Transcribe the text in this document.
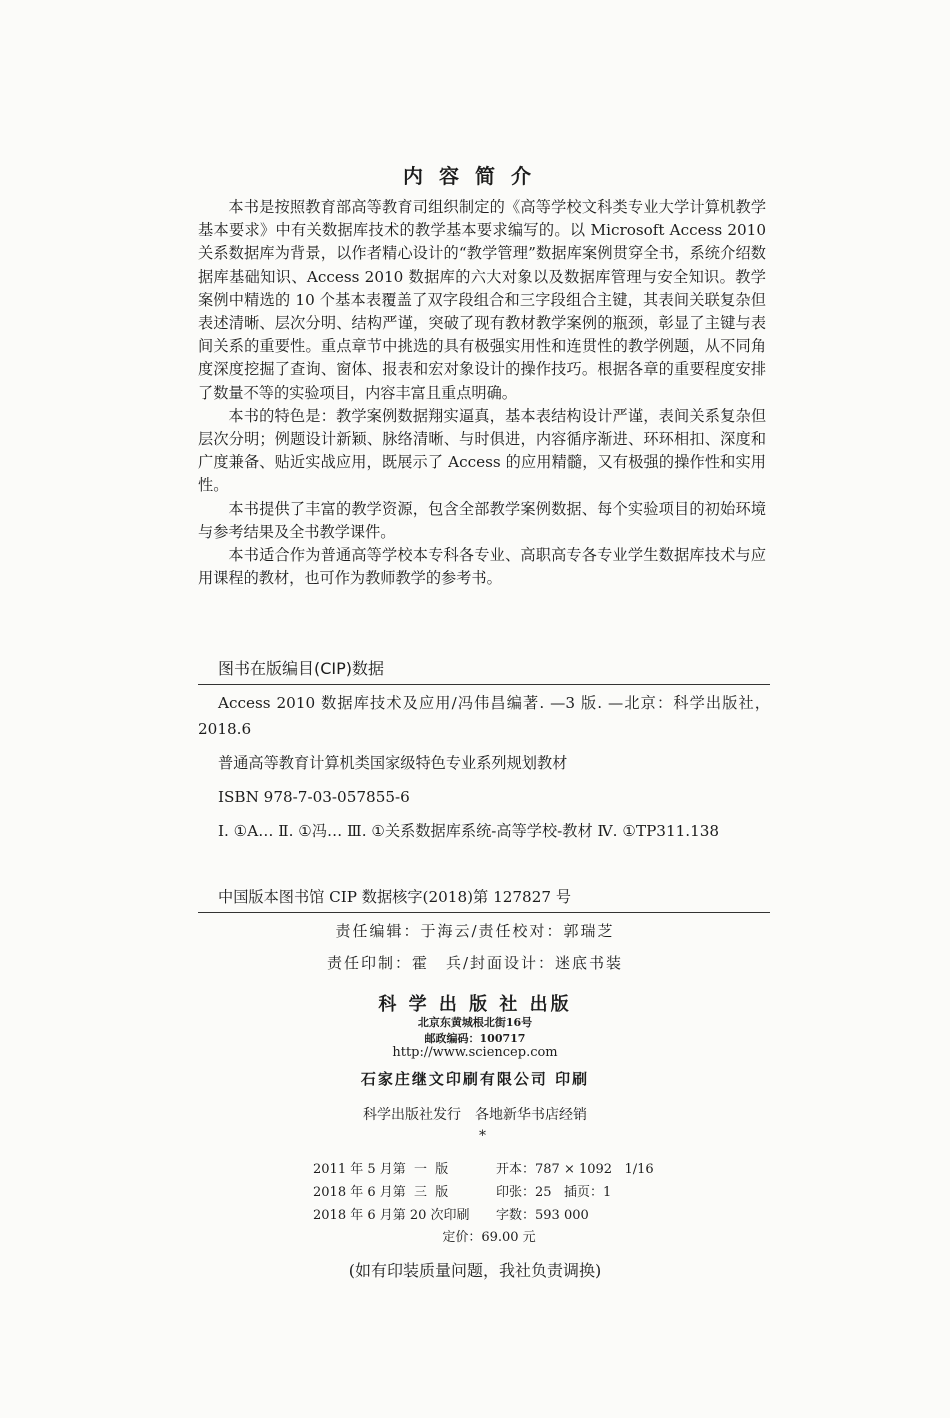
内容简介

本书是按照教育部高等教育司组织制定的《高等学校文科类专业大学计算机教学基本要求》中有关数据库技术的教学基本要求编写的。以 Microsoft Access 2010 关系数据库为背景，以作者精心设计的“教学管理”数据库案例贯穿全书，系统介绍数据库基础知识、Access 2010 数据库的六大对象以及数据库管理与安全知识。教学案例中精选的 10 个基本表覆盖了双字段组合和三字段组合主键，其表间关联复杂但表述清晰、层次分明、结构严谨，突破了现有教材教学案例的瓶颈，彰显了主键与表间关系的重要性。重点章节中挑选的具有极强实用性和连贯性的教学例题，从不同角度深度挖掘了查询、窗体、报表和宏对象设计的操作技巧。根据各章的重要程度安排了数量不等的实验项目，内容丰富且重点明确。

本书的特色是：教学案例数据翔实逼真，基本表结构设计严谨，表间关系复杂但层次分明；例题设计新颖、脉络清晰、与时俱进，内容循序渐进、环环相扣、深度和广度兼备、贴近实战应用，既展示了 Access 的应用精髓，又有极强的操作性和实用性。

本书提供了丰富的教学资源，包含全部教学案例数据、每个实验项目的初始环境与参考结果及全书教学课件。

本书适合作为普通高等学校本专科各专业、高职高专各专业学生数据库技术与应用课程的教材，也可作为教师教学的参考书。

图书在版编目(CIP)数据

Access 2010 数据库技术及应用/冯伟昌编著. —3 版. —北京：科学出版社，2018.6

普通高等教育计算机类国家级特色专业系列规划教材

ISBN 978-7-03-057855-6

Ⅰ. ①A… Ⅱ. ①冯… Ⅲ. ①关系数据库系统-高等学校-教材 Ⅳ. ①TP311.138

中国版本图书馆 CIP 数据核字(2018)第 127827 号

责任编辑：于海云/责任校对：郭瑞芝
责任印制：霍　兵/封面设计：迷底书装
科 学 出 版 社 出版
北京东黄城根北街16号
邮政编码：100717
http://www.sciencep.com
石家庄继文印刷有限公司 印刷
科学出版社发行　各地新华书店经销
*
2011 年 5 月第  一  版	开本：787 × 1092   1/16
2018 年 6 月第  三  版	印张：25   插页：1
2018 年 6 月第 20 次印刷	字数：593 000
定价：69.00 元
(如有印装质量问题，我社负责调换)
